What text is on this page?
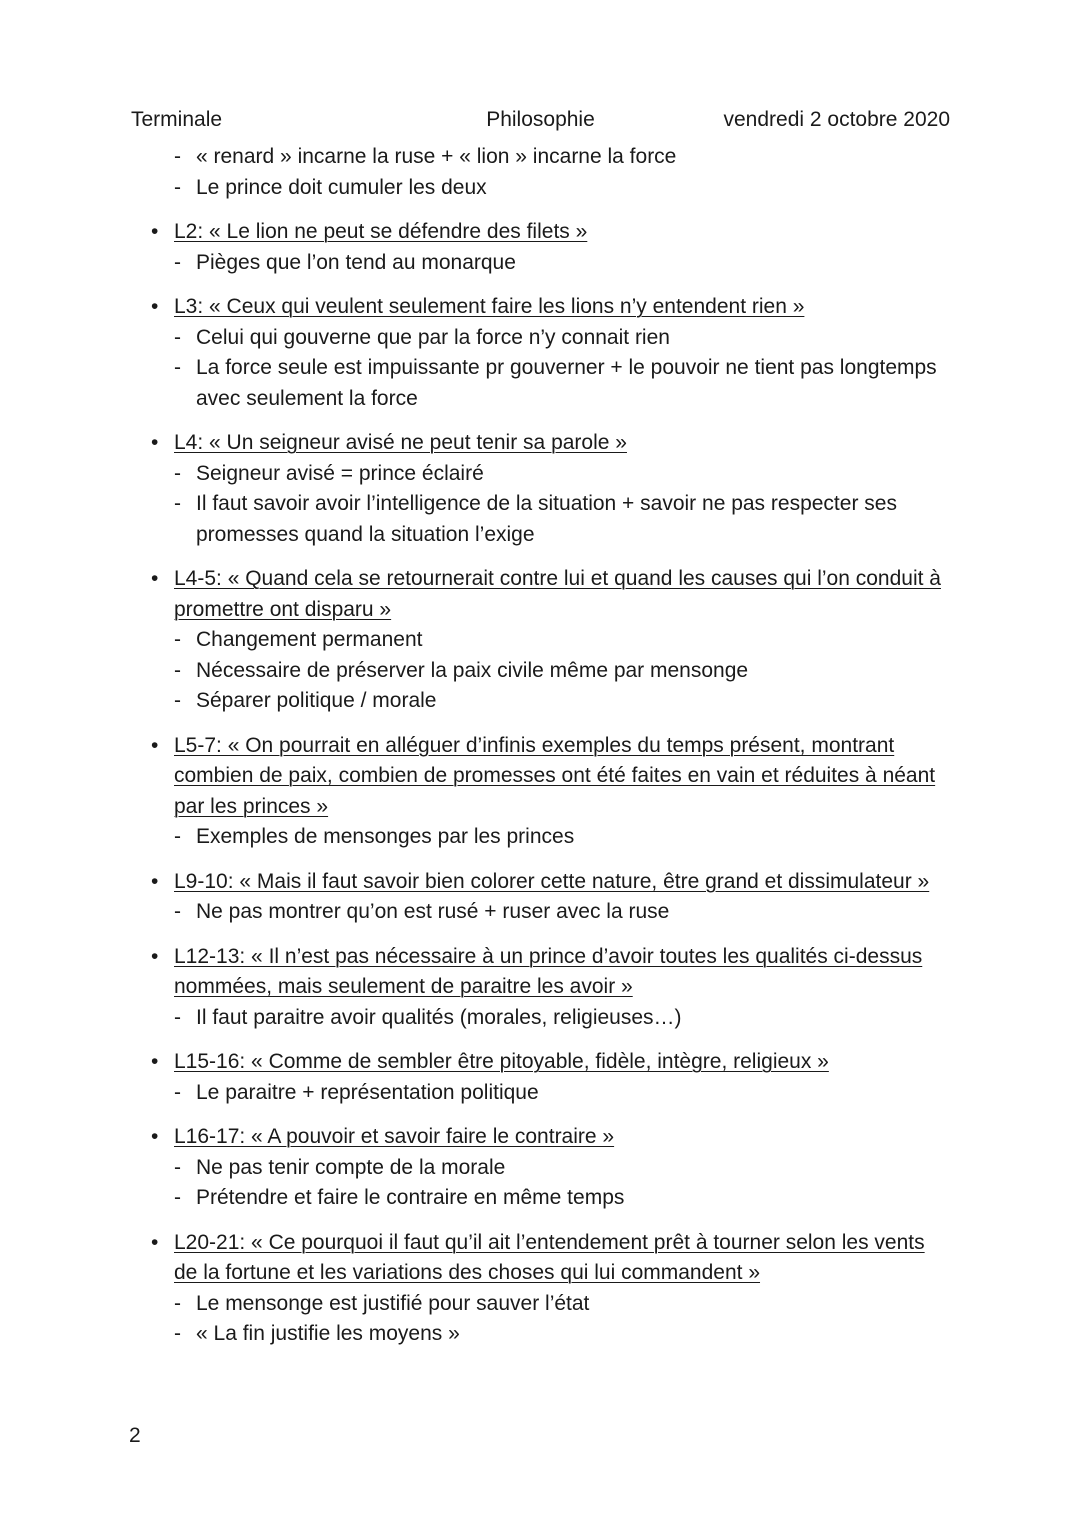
Terminale	Philosophie	vendredi 2 octobre 2020
- « renard » incarne la ruse + « lion » incarne la force
- Le prince doit cumuler les deux
• L2: « Le lion ne peut se défendre des filets »
- Pièges que l’on tend au monarque
• L3: « Ceux qui veulent seulement faire les lions n’y entendent rien »
- Celui qui gouverne que par la force n’y connait rien
- La force seule est impuissante pr gouverner + le pouvoir ne tient pas longtemps avec seulement la force
• L4: « Un seigneur avisé ne peut tenir sa parole »
- Seigneur avisé = prince éclairé
- Il faut savoir avoir l’intelligence de la situation + savoir ne pas respecter ses promesses quand la situation l’exige
• L4-5: « Quand cela se retournerait contre lui et quand les causes qui l’on conduit à promettre ont disparu »
- Changement permanent
- Nécessaire de préserver la paix civile même par mensonge
- Séparer politique / morale
• L5-7: « On pourrait en alléguer d’infinis exemples du temps présent, montrant combien de paix, combien de promesses ont été faites en vain et réduites à néant par les princes »
- Exemples de mensonges par les princes
• L9-10: « Mais il faut savoir bien colorer cette nature, être grand et dissimulateur »
- Ne pas montrer qu’on est rusé + ruser avec la ruse
• L12-13: « Il n’est pas nécessaire à un prince d’avoir toutes les qualités ci-dessus nommées, mais seulement de paraitre les avoir »
- Il faut paraitre avoir qualités (morales, religieuses…)
• L15-16: « Comme de sembler être pitoyable, fidèle, intègre, religieux »
- Le paraitre + représentation politique
• L16-17: « A pouvoir et savoir faire le contraire »
- Ne pas tenir compte de la morale
- Prétendre et faire le contraire en même temps
• L20-21: « Ce pourquoi il faut qu’il ait l’entendement prêt à tourner selon les vents de la fortune et les variations des choses qui lui commandent »
- Le mensonge est justifié pour sauver l’état
- « La fin justifie les moyens »
2
